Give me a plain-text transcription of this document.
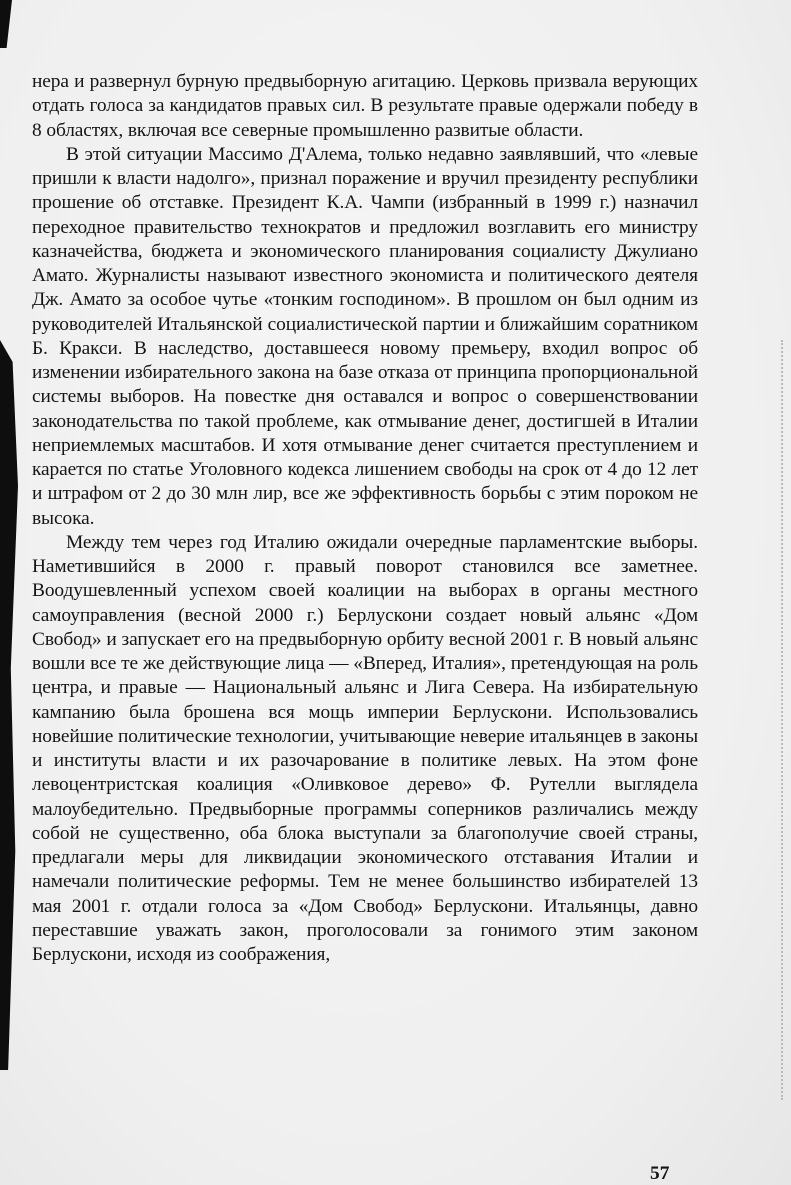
нера и развернул бурную предвыборную агитацию. Церковь призвала верующих отдать голоса за кандидатов правых сил. В результате правые одержали победу в 8 областях, включая все северные промышленно развитые области.

В этой ситуации Массимо Д'Алема, только недавно заявлявший, что «левые пришли к власти надолго», признал поражение и вручил президенту республики прошение об отставке. Президент К.А. Чампи (избранный в 1999 г.) назначил переходное правительство технократов и предложил возглавить его министру казначейства, бюджета и экономического планирования социалисту Джулиано Амато. Журналисты называют известного экономиста и политического деятеля Дж. Амато за особое чутье «тонким господином». В прошлом он был одним из руководителей Итальянской социалистической партии и ближайшим соратником Б. Кракси. В наследство, доставшееся новому премьеру, входил вопрос об изменении избирательного закона на базе отказа от принципа пропорциональной системы выборов. На повестке дня оставался и вопрос о совершенствовании законодательства по такой проблеме, как отмывание денег, достигшей в Италии неприемлемых масштабов. И хотя отмывание денег считается преступлением и карается по статье Уголовного кодекса лишением свободы на срок от 4 до 12 лет и штрафом от 2 до 30 млн лир, все же эффективность борьбы с этим пороком не высока.

Между тем через год Италию ожидали очередные парламентские выборы. Наметившийся в 2000 г. правый поворот становился все заметнее. Воодушевленный успехом своей коалиции на выборах в органы местного самоуправления (весной 2000 г.) Берлускони создает новый альянс «Дом Свобод» и запускает его на предвыборную орбиту весной 2001 г. В новый альянс вошли все те же действующие лица — «Вперед, Италия», претендующая на роль центра, и правые — Национальный альянс и Лига Севера. На избирательную кампанию была брошена вся мощь империи Берлускони. Использовались новейшие политические технологии, учитывающие неверие итальянцев в законы и институты власти и их разочарование в политике левых. На этом фоне левоцентристская коалиция «Оливковое дерево» Ф. Рутелли выглядела малоубедительно. Предвыборные программы соперников различались между собой не существенно, оба блока выступали за благополучие своей страны, предлагали меры для ликвидации экономического отставания Италии и намечали политические реформы. Тем не менее большинство избирателей 13 мая 2001 г. отдали голоса за «Дом Свобод» Берлускони. Итальянцы, давно переставшие уважать закон, проголосовали за гонимого этим законом Берлускони, исходя из соображения,

57
